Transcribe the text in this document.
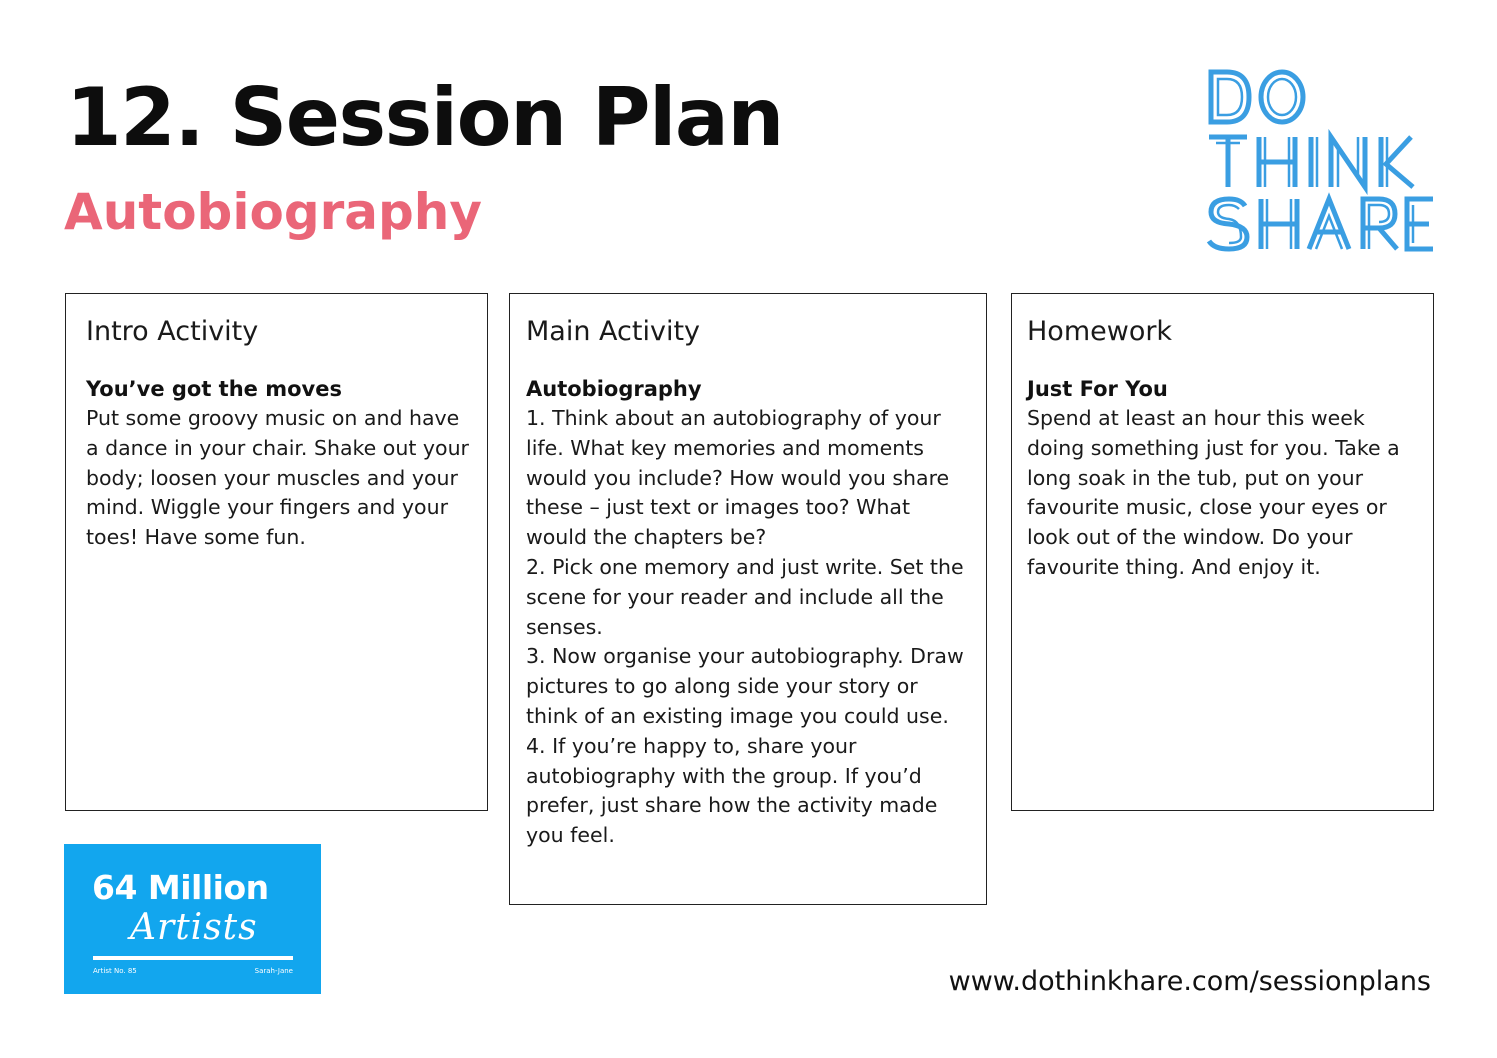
12. Session Plan
Autobiography
Intro Activity

You’ve got the moves

Put some groovy music on and have a dance in your chair. Shake out your body; loosen your muscles and your mind. Wiggle your fingers and your toes! Have some fun.

Main Activity

Autobiography

1. Think about an autobiography of your life. What key memories and moments would you include? How would you share these – just text or images too? What would the chapters be?
2. Pick one memory and just write. Set the scene for your reader and include all the senses.
3. Now organise your autobiography. Draw pictures to go along side your story or think of an existing image you could use.
4. If you’re happy to, share your autobiography with the group. If you’d prefer, just share how the activity made you feel.
Homework

Just For You

Spend at least an hour this week doing something just for you. Take a long soak in the tub, put on your favourite music, close your eyes or look out of the window. Do your favourite thing. And enjoy it.

64 Million
Artists
Artist No. 85	Sarah-Jane	www.dothinkhare.com/sessionplans
